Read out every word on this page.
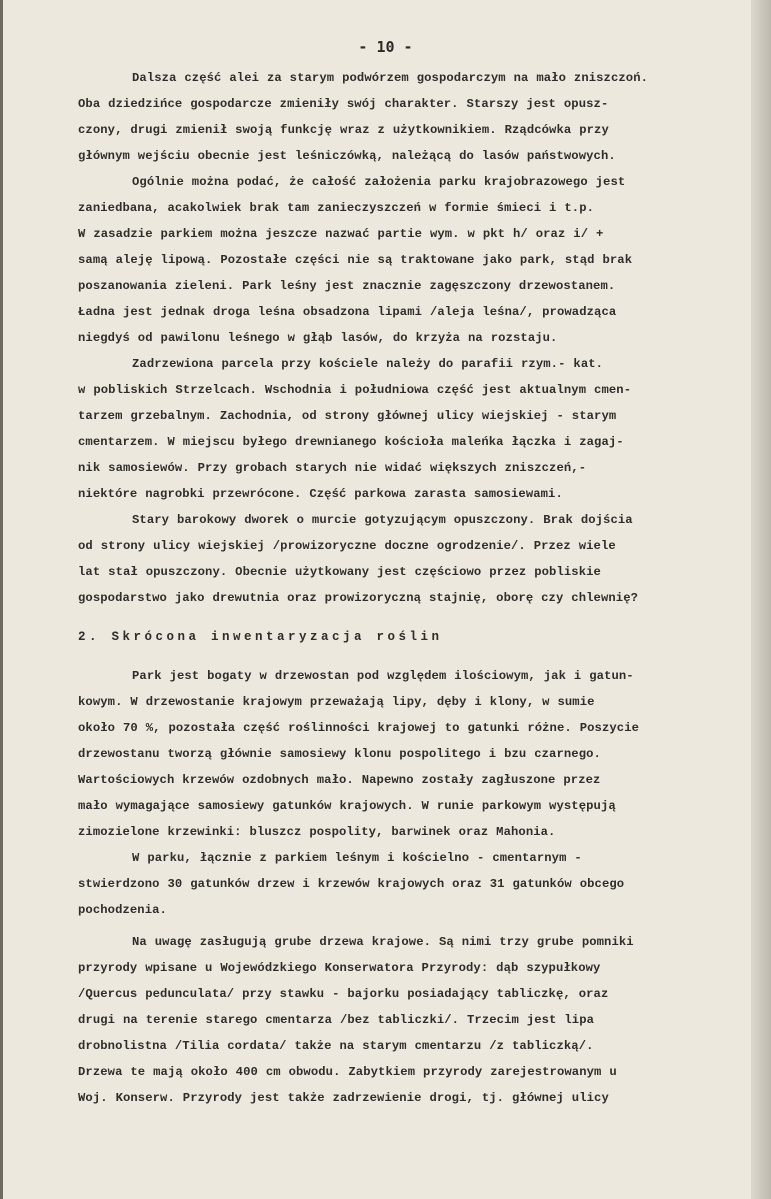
- 10 -
Dalsza część alei za starym podwórzem gospodarczym na mało zniszczoń.
Oba dziedzińce gospodarcze zmieniły swój charakter. Starszy jest opusz-
czony, drugi zmienił swoją funkcję wraz z użytkownikiem. Rządcówka przy
głównym wejściu obecnie jest leśniczówką, należącą do lasów państwowych.
Ogólnie można podać, że całość założenia parku krajobrazowego jest
zaniedbana, acakolwiek brak tam zanieczyszczeń w formie śmieci i t.p.
W zasadzie parkiem można jeszcze nazwać partie wym. w pkt h/ oraz i/ +
samą aleję lipową. Pozostałe części nie są traktowane jako park, stąd brak
poszanowania zieleni. Park leśny jest znacznie zagęszczony drzewostanem.
Ładna jest jednak droga leśna obsadzona lipami /aleja leśna/, prowadząca
niegdyś od pawilonu leśnego w głąb lasów, do krzyża na rozstaju.
Zadrzewiona parcela przy kościele należy do parafii rzym.- kat.
w pobliskich Strzelcach. Wschodnia i południowa część jest aktualnym cmen-
tarzem grzebalnym. Zachodnia, od strony głównej ulicy wiejskiej - starym
cmentarzem. W miejscu byłego drewnianego kościoła maleńka łączka i zagaj-
nik samosiewów. Przy grobach starych nie widać większych zniszczeń,-
niektóre nagrobki przewrócone. Część parkowa zarasta samosiewami.
Stary barokowy dworek o murcie gotyzującym opuszczony. Brak dojścia
od strony ulicy wiejskiej /prowizoryczne doczne ogrodzenie/. Przez wiele
lat stał opuszczony. Obecnie użytkowany jest częściowo przez pobliskie
gospodarstwo jako drewutnia oraz prowizoryczną stajnię, oborę czy chlewnię?
2. Skrócona inwentaryzacja roślin
Park jest bogaty w drzewostan pod względem ilościowym, jak i gatun-
kowym. W drzewostanie krajowym przeważają lipy, dęby i klony, w sumie
około 70 %, pozostała część roślinności krajowej to gatunki różne. Poszycie
drzewostanu tworzą głównie samosiewy klonu pospolitego i bzu czarnego.
Wartościowych krzewów ozdobnych mało. Napewno zostały zagłuszone przez
mało wymagające samosiewy gatunków krajowych. W runie parkowym występują
zimozielone krzewinki: bluszcz pospolity, barwinek oraz Mahonia.
W parku, łącznie z parkiem leśnym i kościelno - cmentarnym -
stwierdzono 30 gatunków drzew i krzewów krajowych oraz 31 gatunków obcego
pochodzenia.
Na uwagę zasługują grube drzewa krajowe. Są nimi trzy grube pomniki
przyrody wpisane u Wojewódzkiego Konserwatora Przyrody: dąb szypułkowy
/Quercus pedunculata/ przy stawku - bajorku posiadający tabliczkę, oraz
drugi na terenie starego cmentarza /bez tabliczki/. Trzecim jest lipa
drobnolistna /Tilia cordata/ także na starym cmentarzu /z tabliczką/.
Drzewa te mają około 400 cm obwodu. Zabytkiem przyrody zarejestrowanym u
Woj. Konserw. Przyrody jest także zadrzewienie drogi, tj. głównej ulicy
